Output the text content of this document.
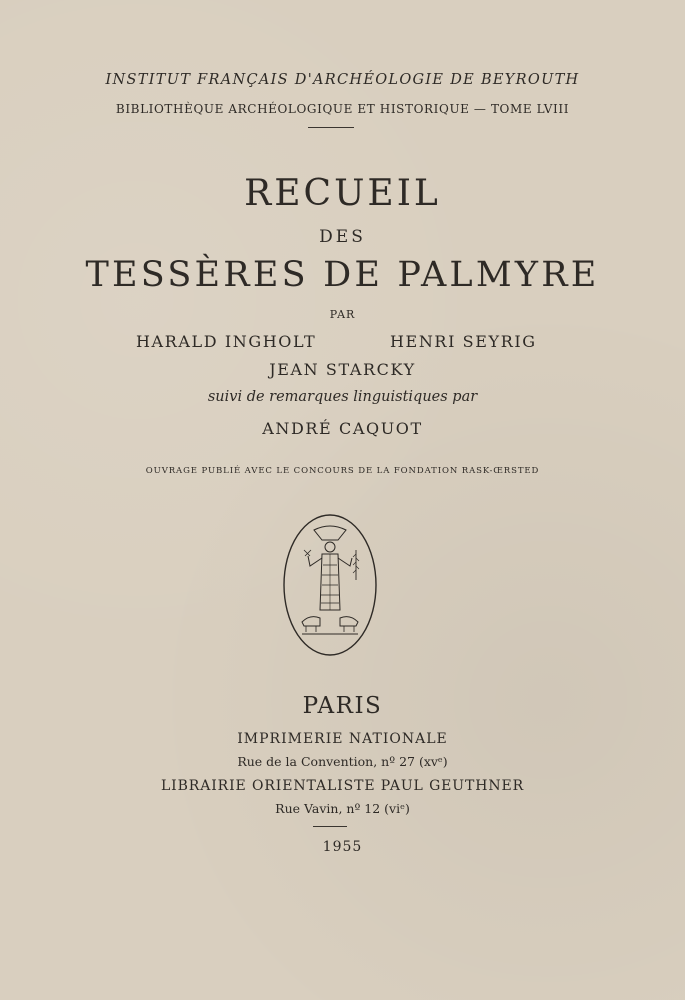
INSTITUT FRANÇAIS D'ARCHÉOLOGIE DE BEYROUTH
BIBLIOTHÈQUE ARCHÉOLOGIQUE ET HISTORIQUE — TOME LVIII
RECUEIL
DES
TESSÈRES DE PALMYRE
PAR
HARALD INGHOLT	HENRI SEYRIG
JEAN STARCKY
suivi de remarques linguistiques par
ANDRÉ CAQUOT
OUVRAGE PUBLIÉ AVEC LE CONCOURS DE LA FONDATION RASK-ŒRSTED
PARIS
IMPRIMERIE NATIONALE
Rue de la Convention, nº 27 (xvᵉ)
LIBRAIRIE ORIENTALISTE PAUL GEUTHNER
Rue Vavin, nº 12 (viᵉ)
1955
